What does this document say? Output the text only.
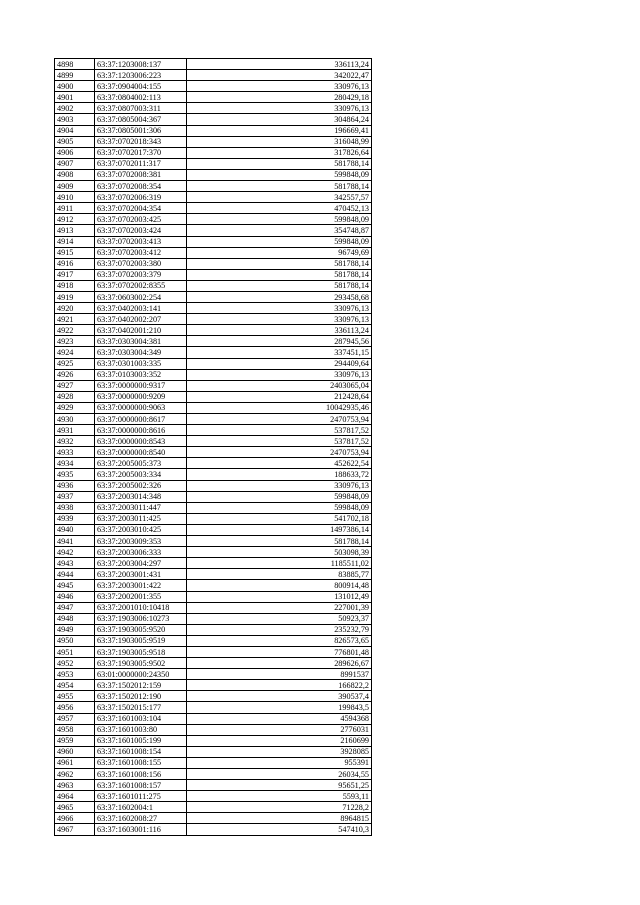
4898	63:37:1203008:137	336113,24
4899	63:37:1203006:223	342022,47
4900	63:37:0904004:155	330976,13
4901	63:37:0804002:113	280429,18
4902	63:37:0807003:311	330976,13
4903	63:37:0805004:367	304864,24
4904	63:37:0805001:306	196669,41
4905	63:37:0702018:343	316048,99
4906	63:37:0702017:370	317826,64
4907	63:37:0702011:317	581788,14
4908	63:37:0702008:381	599848,09
4909	63:37:0702008:354	581788,14
4910	63:37:0702006:319	342557,57
4911	63:37:0702004:354	470452,13
4912	63:37:0702003:425	599848,09
4913	63:37:0702003:424	354748,87
4914	63:37:0702003:413	599848,09
4915	63:37:0702003:412	96749,69
4916	63:37:0702003:380	581788,14
4917	63:37:0702003:379	581788,14
4918	63:37:0702002:8355	581788,14
4919	63:37:0603002:254	293458,68
4920	63:37:0402003:141	330976,13
4921	63:37:0402002:207	330976,13
4922	63:37:0402001:210	336113,24
4923	63:37:0303004:381	287945,56
4924	63:37:0303004:349	337451,15
4925	63:37:0301003:335	294409,64
4926	63:37:0103003:352	330976,13
4927	63:37:0000000:9317	2403065,04
4928	63:37:0000000:9209	212428,64
4929	63:37:0000000:9063	10042935,46
4930	63:37:0000000:8617	2470753,94
4931	63:37:0000000:8616	537817,52
4932	63:37:0000000:8543	537817,52
4933	63:37:0000000:8540	2470753,94
4934	63:37:2005005:373	452622,54
4935	63:37:2005003:334	188633,72
4936	63:37:2005002:326	330976,13
4937	63:37:2003014:348	599848,09
4938	63:37:2003011:447	599848,09
4939	63:37:2003011:425	541702,18
4940	63:37:2003010:425	1497386,14
4941	63:37:2003009:353	581788,14
4942	63:37:2003006:333	503098,39
4943	63:37:2003004:297	1185511,02
4944	63:37:2003001:431	83885,77
4945	63:37:2003001:422	800914,48
4946	63:37:2002001:355	131012,49
4947	63:37:2001010:10418	227001,39
4948	63:37:1903006:10273	50923,37
4949	63:37:1903005:9520	235232,79
4950	63:37:1903005:9519	826573,65
4951	63:37:1903005:9518	776801,48
4952	63:37:1903005:9502	289626,67
4953	63:01:0000000:24350	8991537
4954	63:37:1502012:159	166822,2
4955	63:37:1502012:190	390537,4
4956	63:37:1502015:177	199843,5
4957	63:37:1601003:104	4594368
4958	63:37:1601003:80	2776031
4959	63:37:1601005:199	2160699
4960	63:37:1601008:154	3928085
4961	63:37:1601008:155	955391
4962	63:37:1601008:156	26034,55
4963	63:37:1601008:157	95651,25
4964	63:37:1601011:275	5593,11
4965	63:37:1602004:1	71228,2
4966	63:37:1602008:27	8964815
4967	63:37:1603001:116	547410,3
